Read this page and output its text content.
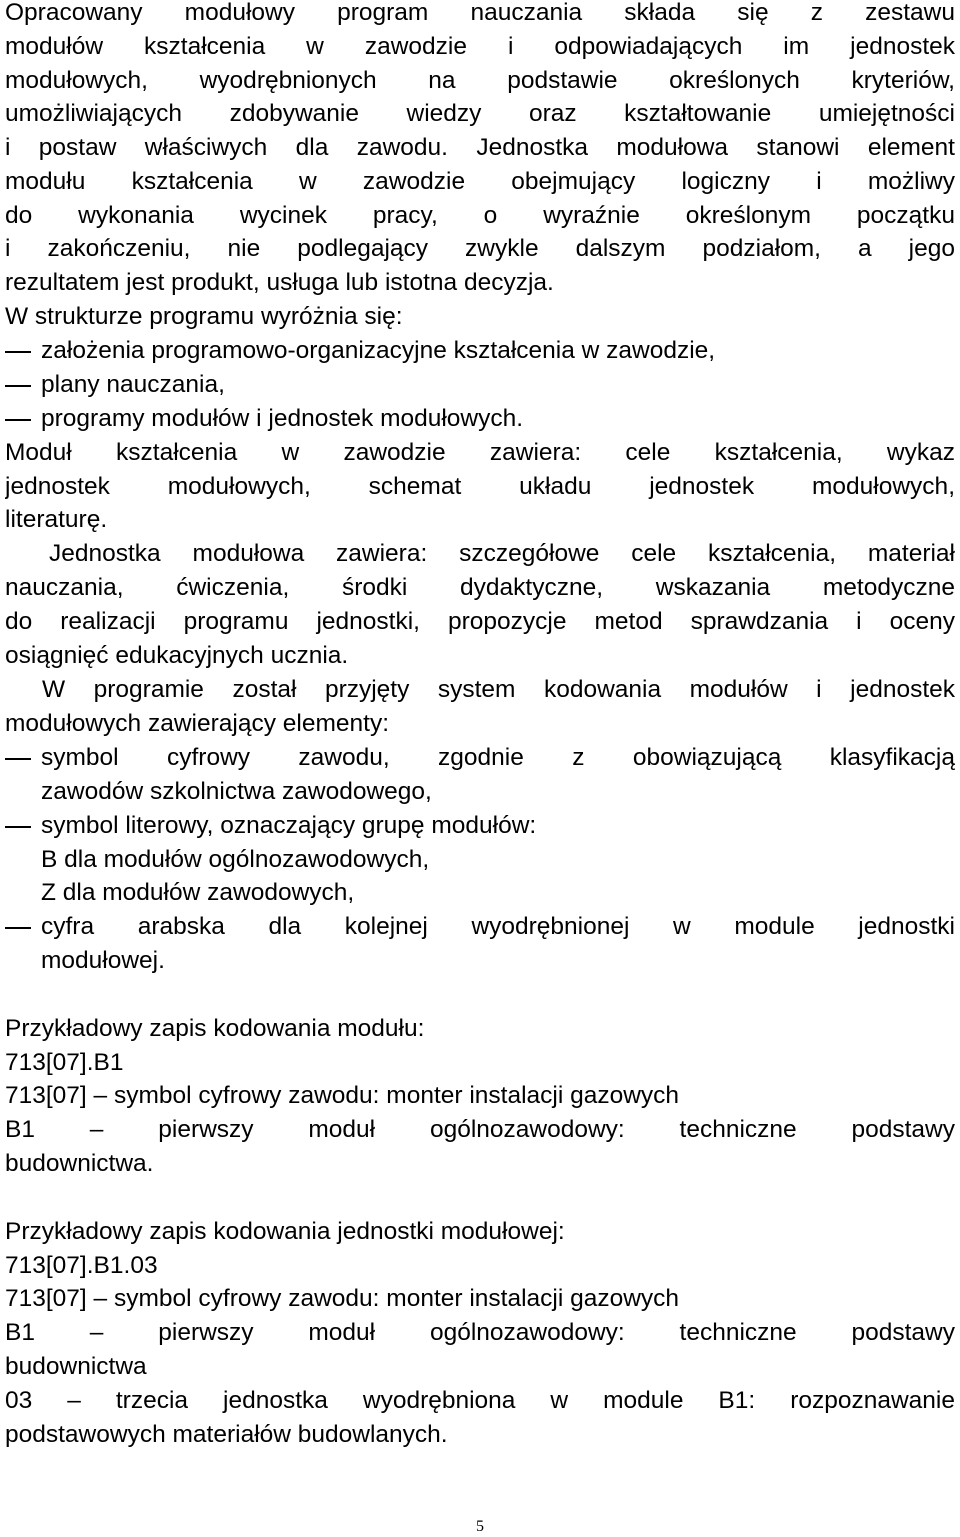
Opracowany modułowy program nauczania składa się z zestawu
modułów kształcenia w zawodzie i odpowiadających im jednostek
modułowych, wyodrębnionych na podstawie określonych kryteriów,
umożliwiających zdobywanie wiedzy oraz kształtowanie umiejętności
i postaw właściwych dla zawodu. Jednostka modułowa stanowi element
modułu kształcenia w zawodzie obejmujący logiczny i możliwy
do wykonania wycinek pracy, o wyraźnie określonym początku
i zakończeniu, nie podlegający zwykle dalszym podziałom, a jego
rezultatem jest produkt, usługa lub istotna decyzja.
W strukturze programu wyróżnia się:
założenia programowo-organizacyjne kształcenia w zawodzie,
plany nauczania,
programy modułów i jednostek modułowych.
Moduł kształcenia w zawodzie zawiera: cele kształcenia, wykaz
jednostek modułowych, schemat układu jednostek modułowych,
literaturę.
Jednostka modułowa zawiera: szczegółowe cele kształcenia, materiał
nauczania, ćwiczenia, środki dydaktyczne, wskazania metodyczne
do realizacji programu jednostki, propozycje metod sprawdzania i oceny
osiągnięć edukacyjnych ucznia.
W programie został przyjęty system kodowania modułów i jednostek
modułowych zawierający elementy:
symbol cyfrowy zawodu, zgodnie z obowiązującą klasyfikacją
zawodów szkolnictwa zawodowego,
symbol literowy, oznaczający grupę modułów:
B dla modułów ogólnozawodowych,
Z dla modułów zawodowych,
cyfra arabska dla kolejnej wyodrębnionej w module jednostki
modułowej.
Przykładowy zapis kodowania modułu:
713[07].B1
713[07] – symbol cyfrowy zawodu: monter instalacji gazowych
B1 – pierwszy moduł ogólnozawodowy: techniczne podstawy
budownictwa.
Przykładowy zapis kodowania jednostki modułowej:
713[07].B1.03
713[07] – symbol cyfrowy zawodu: monter instalacji gazowych
B1 – pierwszy moduł ogólnozawodowy: techniczne podstawy
budownictwa
03 – trzecia jednostka wyodrębniona w module B1: rozpoznawanie
podstawowych materiałów budowlanych.
5
